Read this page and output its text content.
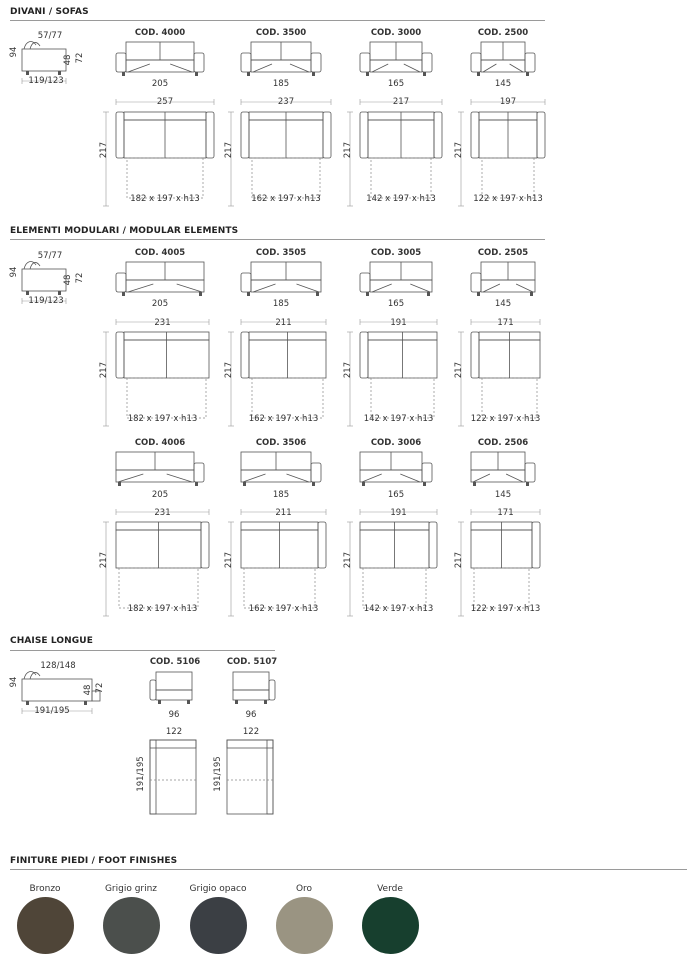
DIVANI / SOFAS
ELEMENTI MODULARI / MODULAR ELEMENTS
CHAISE LONGUE
FINITURE PIEDI / FOOT FINISHES
57/77
94
48 72
119/123
57/77
94
48 72
119/123
128/148
94
48 72
191/195
COD. 4000
205
257
217
182 x 197 x h13
COD. 3500
185
237
217
162 x 197 x h13
COD. 3000
165
217
217
142 x 197 x h13
COD. 2500
145
197
217
122 x 197 x h13
COD. 4005
205
231
217
182 x 197 x h13
COD. 3505
185
211
217
162 x 197 x h13
COD. 3005
165
191
217
142 x 197 x h13
COD. 2505
145
171
217
122 x 197 x h13
COD. 4006
205
231
217
182 x 197 x h13
COD. 3506
185
211
217
162 x 197 x h13
COD. 3006
165
191
217
142 x 197 x h13
COD. 2506
145
171
217
122 x 197 x h13
COD. 5106
96
122
191/195
COD. 5107
96
122
191/195
Bronzo	Grigio grinz	Grigio opaco	Oro	Verde
